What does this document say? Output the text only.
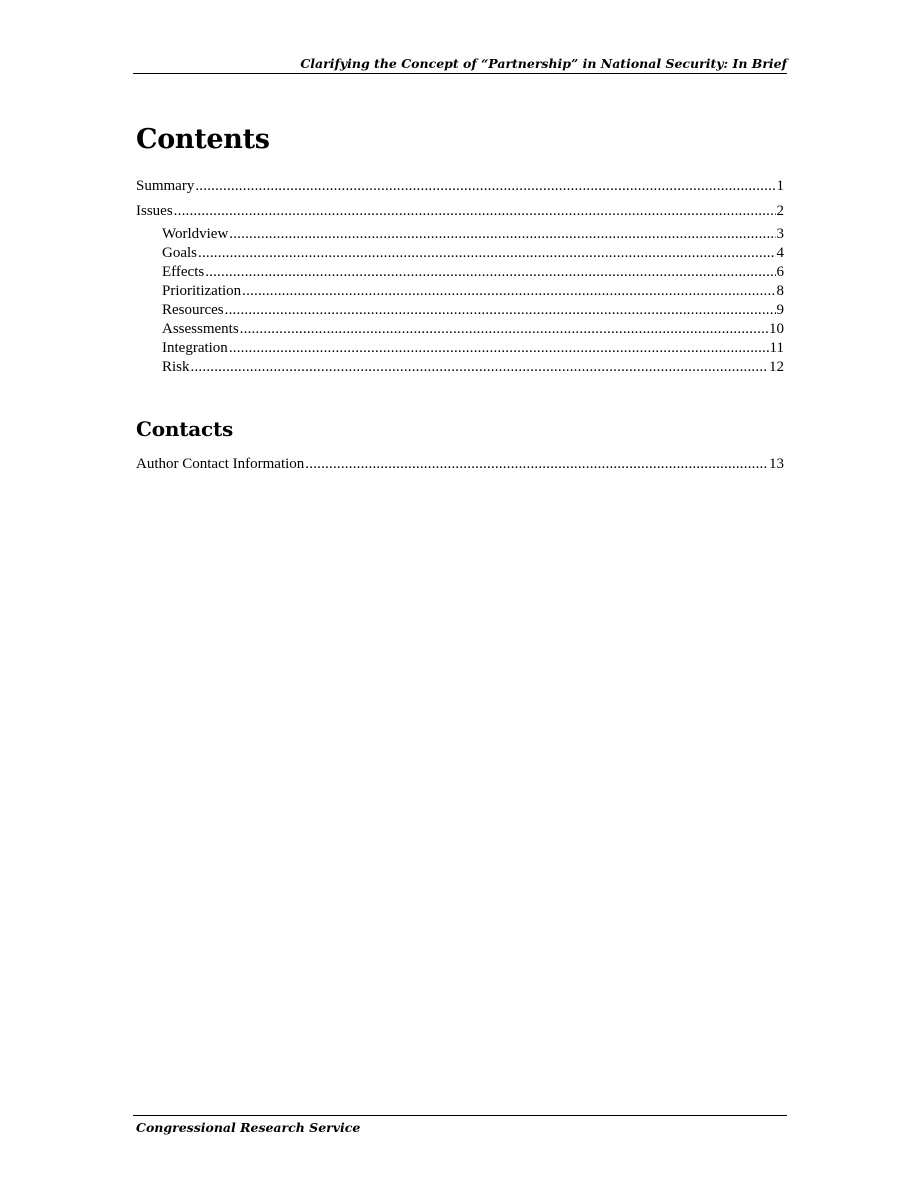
Clarifying the Concept of “Partnership” in National Security: In Brief
Contents
Summary .....	1
Issues .....	2
Worldview .....	3
Goals .....	4
Effects .....	6
Prioritization .....	8
Resources .....	9
Assessments .....	10
Integration .....	11
Risk .....	12
Contacts
Author Contact Information .....	13
Congressional Research Service
